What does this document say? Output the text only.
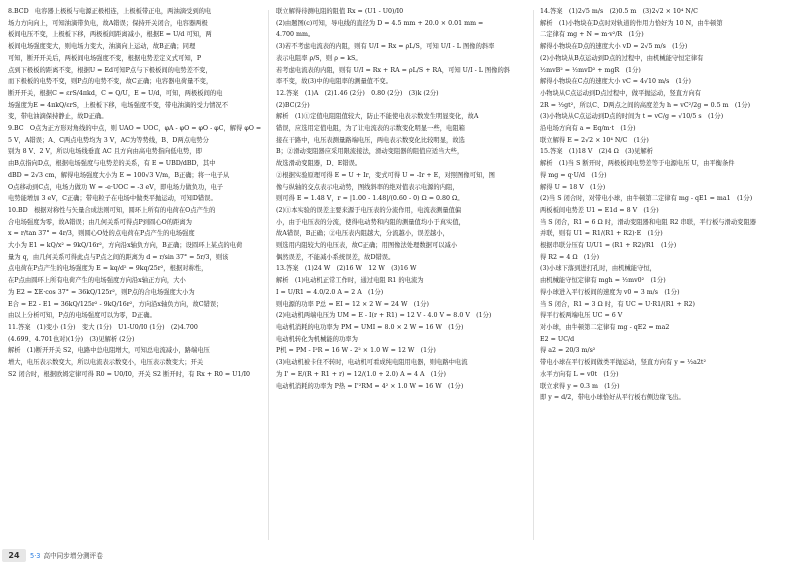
8.BCD　电容器上极板与电源正极相连，上极板带正电，两油滴受到的电
场力方向向上，可知油滴带负电，故A错误；保持开关闭合，电容器两极
板间电压不变，上极板下移，两极板间距离减小，根据E = U/d 可知，两
板间电场强度变大，则电场力变大，油滴向上运动，故B正确；同理
可知，断开开关后，两板间电场强度不变，根据电势差定义式可知，P
点到下极板的距离不变，根据U = Ed可知P点与下极板间的电势差不变，
而下极板的电势不变，则P点的电势不变，故C正确；电容器电荷量不变，
断开开关，根据C = εrS/4πkd，C = Q/U，E = U/d，可知，两极板间的电
场强度为E = 4πkQ/εrS，上极板下移，电场强度不变，带电油滴的受力情况不
变，带电油滴保持静止，故D正确。
9.BC　O点为正方形对角线的中点，则 UAO = UOC，φA - φO = φO - φC，解得 φO =
5 V，A错误；A、C两点电势均为 3 V，AC为等势线，B、D两点电势分
别为 8 V、2 V，所以电场线垂直 AC 且方向由高电势指向低电势，即
由B点指向D点，根据电场强度与电势差的关系，有 E = UBD/dBD，其中
dBD = 2√3 cm，解得电场强度大小为 E = 100√3 V/m，B正确；将一电子从
O点移动到C点，电场力做功 W = -e·UOC = -3 eV，即电场力做负功，电子
电势能增加 3 eV，C正确；带电粒子在电场中做类平抛运动，可知D错误。
10.BD　根据对称性与矢量合成法则可知，圆环上所有的电荷在O点产生的
合电场强度为零，故A错误；由几何关系可得点P到圆心O的距离为
x = r/tan 37° = 4r/3，则圆心O处的点电荷在P点产生的电场强度
大小为 E1 = kQ/x² = 9kQ/16r²，方向沿x轴负方向，B正确；设圆环上某点的电荷
量为 q，由几何关系可得此点与P点之间的距离为 d = r/sin 37° = 5r/3，则该
点电荷在P点产生的电场强度为 E = kq/d² = 9kq/25r²，根据对称性，
在P点由圆环上所有电荷产生的电场强度方向沿x轴正方向，大小
为 E2 = ΣE·cos 37° = 36kQ/125r²，则P点的合电场强度大小为
E合 = E2 - E1 = 36kQ/125r² - 9kQ/16r²，方向沿x轴负方向，故C错误；
由以上分析可知，P点的电场强度可以为零，D正确。
11.答案　(1)变小 (1分)　变大 (1分)　U1-U0/I0 (1分)　(2)4.700
(4.699、4.701也对)(1分)　(3)见解析 (2分)
解析　(1)断开开关 S2，电路中总电阻增大，可知总电流减小，路端电压
增大，电压表示数变大，所以电流表示数变小，电压表示数变大；开关
S2 闭合时，根据欧姆定律可得 R0 = U0/I0，开关 S2 断开时，有 Rx + R0 = U1/I0
联立解得待测电阻的阻值 Rx = (U1 - U0)/I0
(2)由题图(c)可知，导电线的直径为 D = 4.5 mm + 20.0 × 0.01 mm =
4.700 mm。
(3)若不考虑电流表的内阻，则有 U/I = Rx = ρL/S，可知 U/I - L 图像的斜率
表示电阻率 ρ/S，则 ρ = kS。
若考虑电流表的内阻，则有 U/I = Rx + RA = ρL/S + RA，可知 U/I - L 图像的斜
率不变，故(3)中的电阻率的测量值不变。
12.答案　(1)A　(2)1.46 (2分)　0.80 (2分)　(3)k (2分)
(2)BC(2分)
解析　(1)①定值电阻阻值较大，防止不能使电表示数发生明显变化，故A
错误，应选用定值电阻，为了让电流表的示数变化明显一些，电阻箱
接在干路中，电压表测量路端电压，两电表示数变化比较明显，故选
B；②滑动变阻器应采用限流接法，滑动变阻器的阻值应适当大些，
故选滑动变阻器，D、E错误。
②根据实验原理可得 E = U + Ir，变式可得 U = -Ir + E，对照图像可知，图
像与纵轴的交点表示电动势，图线斜率的绝对值表示电源的内阻，
则可得 E = 1.48 V，r = |1.00 - 1.48|/(0.60 - 0) Ω = 0.80 Ω。
(2)①本实验的误差主要来源于电压表的分流作用，电流表测量值偏
小，由于电压表的分流，使得电动势和内阻的测量值均小于真实值，
故A错误，B正确；②电压表内阻越大，分流越小，误差越小，
则选用内阻较大的电压表，故C正确；用图像法处理数据可以减小
偶然误差，不能减小系统误差，故D错误。
13.答案　(1)24 W　(2)16 W　12 W　(3)16 W
解析　(1)电动机正常工作时，通过电阻 R1 的电流为
I = U/R1 = 4.0/2.0 A = 2 A　(1分)
则电源的功率 P总 = EI = 12 × 2 W = 24 W　(1分)
(2)电动机两端电压为 UM = E - I(r + R1) = 12 V - 4.0 V = 8.0 V　(1分)
电动机消耗的电功率为 PM = UMI = 8.0 × 2 W = 16 W　(1分)
电动机转化为机械能的功率为
P机 = PM - I²R = 16 W - 2² × 1.0 W = 12 W　(1分)
(3)电动机被卡住不转时，电动机可看成纯电阻用电器，则电路中电流
为 I' = E/(R + R1 + r) = 12/(1.0 + 2.0) A = 4 A　(1分)
电动机消耗的功率为 P热 = I'²RM = 4² × 1.0 W = 16 W　(1分)
14.答案　(1)2√5 m/s　(2)0.5 m　(3)2√2 × 10⁴ N/C
解析　(1)小物块在D点时对轨道的作用力恰好为 10 N，由牛顿第
二定律有 mg + N = m·v²/R　(1分)
解得小物块在D点的速度大小 vD = 2√5 m/s　(1分)
(2)小物块从B点运动到D点的过程中，由机械能守恒定律有
½mvB² = ½mvD² + mgR　(1分)
解得小物块在C点的速度大小 vC = 4√10 m/s　(1分)
小物块从C点运动到D点过程中，做平抛运动，竖直方向有
2R = ½gt²，所以C、D两点之间的高度差为 h = vC²/2g = 0.5 m　(1分)
(3)小物块从C点运动到D点的时间为 t = vC/g = √10/5 s　(1分)
沿电场方向有 a = Eq/m·t　(1分)
联立解得 E = 2√2 × 10⁴ N/C　(1分)
15.答案　(1)18 V　(2)4 Ω　(3)见解析
解析　(1)当 S 断开时，两极板间电势差等于电源电压 U，由平衡条件
得 mg = q·U/d　(1分)
解得 U = 18 V　(1分)
(2)当 S 闭合时，对带电小球，由牛顿第二定律有 mg - qE1 = ma1　(1分)
两板板间电势差 U1 = E1d = 8 V　(1分)
当 S 闭合，R1 = 6 Ω 时，滑动变阻器和电阻 R2 串联，平行板与滑动变阻器
并联，则有 U1 = R1/(R1 + R2)·E　(1分)
根据串联分压有 U/U1 = (R1 + R2)/R1　(1分)
得 R2 = 4 Ω　(1分)
(3)小球下落到进打孔时，由机械能守恒，
由机械能守恒定律有 mgh = ½mv0²　(1分)
得小球进入平行板间的速度为 v0 = 3 m/s　(1分)
当 S 闭合，R1 = 3 Ω 时，有 UC = U·R1/(R1 + R2)
得平行板两端电压 UC = 6 V
对小球，由牛顿第二定律有 mg - qE2 = ma2
E2 = UC/d
得 a2 = 20/3 m/s²
带电小球在平行板间做类平抛运动，竖直方向有 y = ½a2t²
水平方向有 L = v0t　(1分)
联立求得 y = 0.3 m　(1分)
即 y = d/2，带电小球恰好从平行板右侧边缘飞出。
24	5·3 高中同步增分测评卷
